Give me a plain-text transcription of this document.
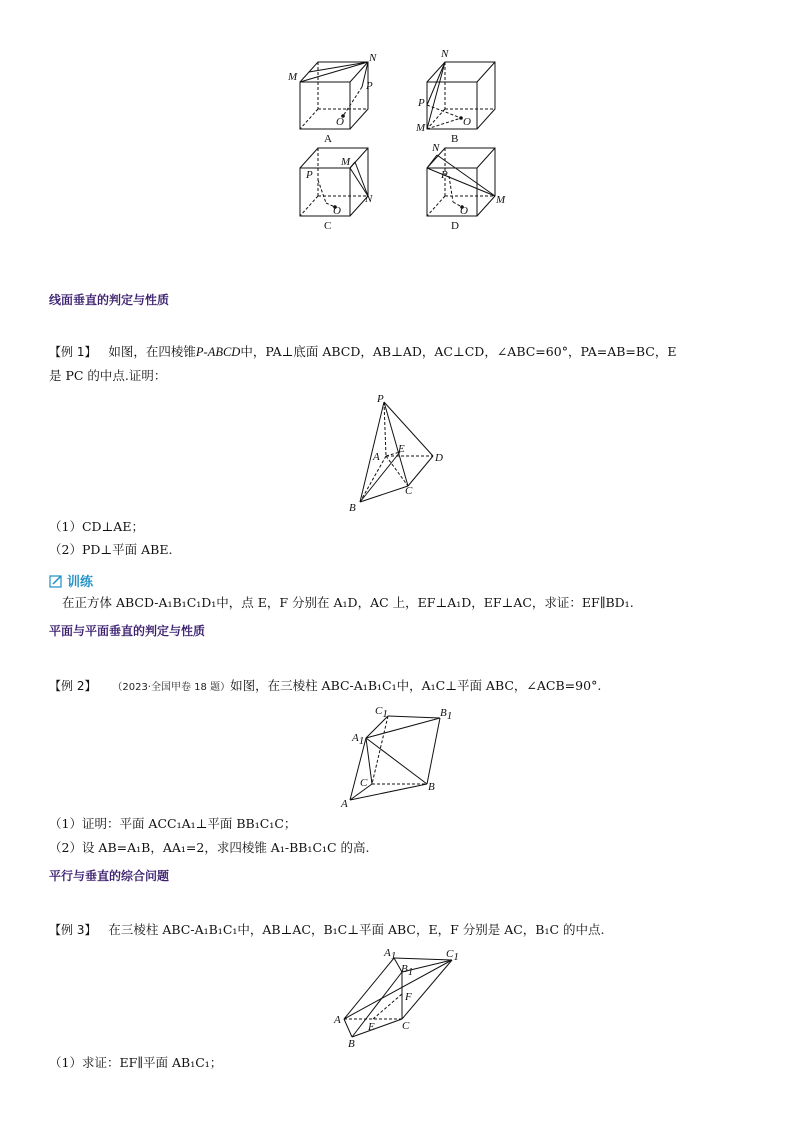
M
N
P
O
A
N
P
M	O
B
M
P
N
O
C
N
P
M
O
D
线面垂直的判定与性质
【例 1】 如图，在四棱锥P-ABCD中，PA⊥底面 ABCD，AB⊥AD，AC⊥CD，∠ABC=60°，PA=AB=BC，E
是 PC 的中点.证明：
P
A
E
D
C
B
（1）CD⊥AE；
（2）PD⊥平面 ABE.
训练
在正方体 ABCD-A₁B₁C₁D₁中，点 E，F 分别在 A₁D，AC 上，EF⊥A₁D，EF⊥AC，求证：EF∥BD₁.
平面与平面垂直的判定与性质
【例 2】 （2023·全国甲卷 18 题）如图，在三棱柱 ABC-A₁B₁C₁中，A₁C⊥平面 ABC，∠ACB=90°.
C1	B1
A1
C	B
A
（1）证明：平面 ACC₁A₁⊥平面 BB₁C₁C；
（2）设 AB=A₁B，AA₁=2，求四棱锥 A₁-BB₁C₁C 的高.
平行与垂直的综合问题
【例 3】 在三棱柱 ABC-A₁B₁C₁中，AB⊥AC，B₁C⊥平面 ABC，E，F 分别是 AC，B₁C 的中点.
A1
B1
C1
F
A
E C
B
（1）求证：EF∥平面 AB₁C₁；
